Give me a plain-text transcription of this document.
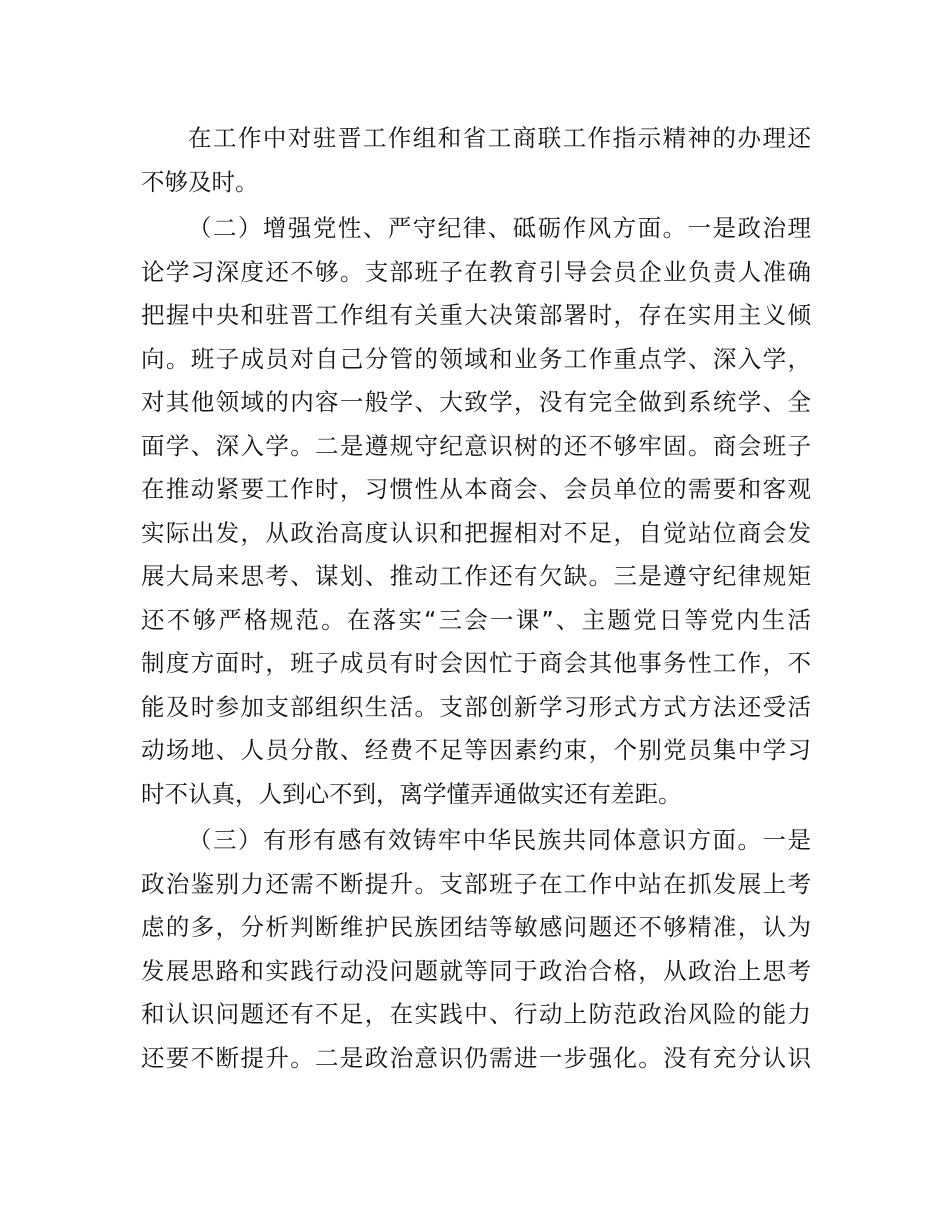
在工作中对驻晋工作组和省工商联工作指示精神的办理还
不够及时。
（二）增强党性、严守纪律、砥砺作风方面。一是政治理
论学习深度还不够。支部班子在教育引导会员企业负责人准确
把握中央和驻晋工作组有关重大决策部署时，存在实用主义倾
向。班子成员对自己分管的领域和业务工作重点学、深入学，
对其他领域的内容一般学、大致学，没有完全做到系统学、全
面学、深入学。二是遵规守纪意识树的还不够牢固。商会班子
在推动紧要工作时，习惯性从本商会、会员单位的需要和客观
实际出发，从政治高度认识和把握相对不足，自觉站位商会发
展大局来思考、谋划、推动工作还有欠缺。三是遵守纪律规矩
还不够严格规范。在落实“三会一课”、主题党日等党内生活
制度方面时，班子成员有时会因忙于商会其他事务性工作，不
能及时参加支部组织生活。支部创新学习形式方式方法还受活
动场地、人员分散、经费不足等因素约束，个别党员集中学习
时不认真，人到心不到，离学懂弄通做实还有差距。
（三）有形有感有效铸牢中华民族共同体意识方面。一是
政治鉴别力还需不断提升。支部班子在工作中站在抓发展上考
虑的多，分析判断维护民族团结等敏感问题还不够精准，认为
发展思路和实践行动没问题就等同于政治合格，从政治上思考
和认识问题还有不足，在实践中、行动上防范政治风险的能力
还要不断提升。二是政治意识仍需进一步强化。没有充分认识
